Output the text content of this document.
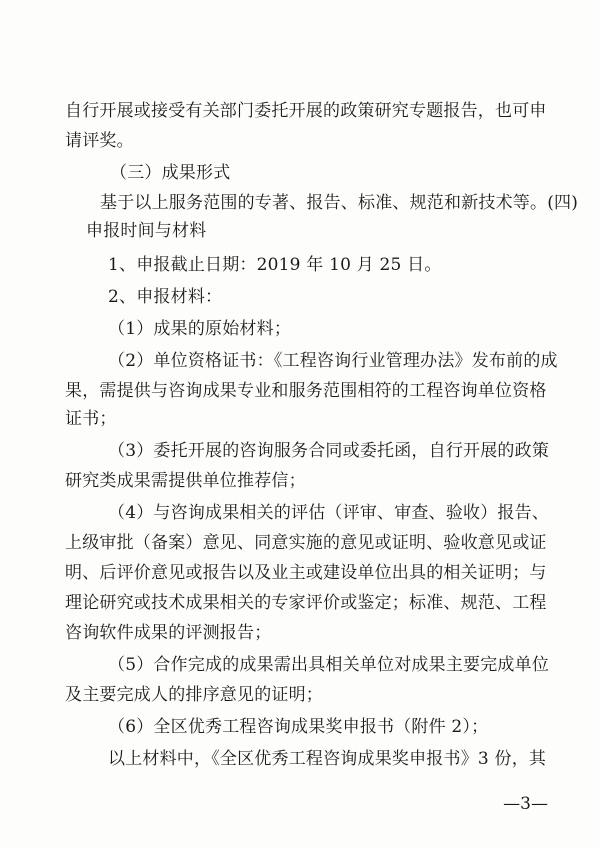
自行开展或接受有关部门委托开展的政策研究专题报告，也可申
请评奖。
（三）成果形式
基于以上服务范围的专著、报告、标准、规范和新技术等。(四)
申报时间与材料
1、申报截止日期：2019 年 10 月 25 日。
2、申报材料：
（1）成果的原始材料；
（2）单位资格证书：《工程咨询行业管理办法》发布前的成
果，需提供与咨询成果专业和服务范围相符的工程咨询单位资格
证书；
（3）委托开展的咨询服务合同或委托函，自行开展的政策
研究类成果需提供单位推荐信；
（4）与咨询成果相关的评估（评审、审查、验收）报告、
上级审批（备案）意见、同意实施的意见或证明、验收意见或证
明、后评价意见或报告以及业主或建设单位出具的相关证明；与
理论研究或技术成果相关的专家评价或鉴定；标准、规范、工程
咨询软件成果的评测报告；
（5）合作完成的成果需出具相关单位对成果主要完成单位
及主要完成人的排序意见的证明；
（6）全区优秀工程咨询成果奖申报书（附件 2）；
以上材料中，《全区优秀工程咨询成果奖申报书》3 份，其
—3—
